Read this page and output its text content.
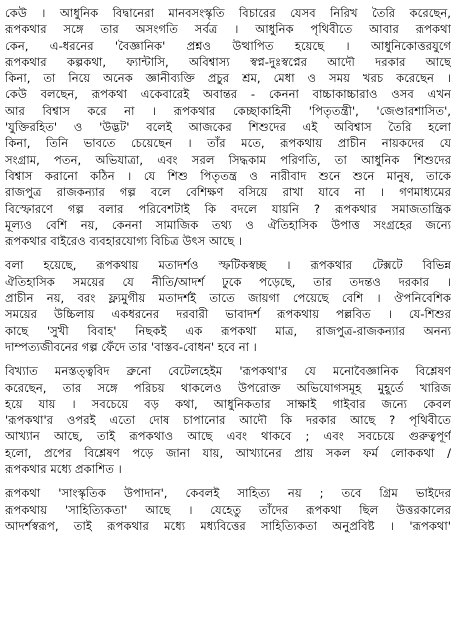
কেউ । আধুনিক বিদ্বানেরা মানবসংস্কৃতি বিচারের যেসব নিরিখ তৈরি করেছেন,
রূপকথার সঙ্গে তার অসংগতি সর্বত্র । আধুনিক পৃথিবীতে আবার রূপকথা
কেন, এ-ধরনের 'বৈজ্ঞানিক' প্রশ্নও উত্থাপিত হয়েছে । আধুনিকোত্তরযুগে
রূপকথার কল্পকথা, ফ্যান্টাসি, অবিশ্বাস্য স্বপ্ন-দুঃস্বপ্নের আদৌ দরকার আছে
কিনা, তা নিয়ে অনেক জ্ঞানীব্যক্তি প্রচুর শ্রম, মেধা ও সময় খরচ করেছেন ।
কেউ বলছেন, রূপকথা একেবারেই অবান্তর - কেননা বাচ্চাকাচ্চারাও ওসব এখন
আর বিশ্বাস করে না । রূপকথার কেচ্ছাকাহিনী 'পিতৃতন্ত্রী', 'জেণ্ডারশাসিত',
'যুক্তিরহিত' ও 'উদ্ভট' বলেই আজকের শিশুদের এই অবিশ্বাস তৈরি হলো
কিনা, তিনি ভাবতে চেয়েছেন । তাঁর মতে, রূপকথায় প্রাচীন নায়কদের যে
সংগ্রাম, পতন, অভিযাত্রা, এবং সরল সিদ্ধকাম পরিণতি, তা আধুনিক শিশুদের
বিশ্বাস করানো কঠিন । যে শিশু পিতৃতন্ত্র ও নারীবাদ শুনে শুনে মানুষ, তাকে
রাজপুত্র রাজকন্যার গল্প বলে বেশিক্ষণ বসিয়ে রাখা যাবে না । গণমাধ্যমের
বিস্ফোরণে গল্প বলার পরিবেশটাই কি বদলে যায়নি ? রূপকথার সমাজতান্ত্রিক
মূল্যও বেশি নয়, কেননা সামাজিক তথ্য ও ঐতিহাসিক উপাত্ত সংগ্রহের জন্যে
রূপকথার বাইরেও ব্যবহারযোগ্য বিচিত্র উৎস আছে ।
বলা হয়েছে, রূপকথায় মতাদর্শও স্ফটিকস্বচ্ছ । রূপকথার টেক্সটে বিভিন্ন
ঐতিহাসিক সময়ের যে নীতি/আদর্শ ঢুকে পড়েছে, তার তদন্তও দরকার ।
প্রাচীন নয়, বরং ফ্ল্যমুগীয় মতাদর্শই তাতে জায়গা পেয়েছে বেশি । ঔপনিবেশিক
সময়ের উচ্চিলায় একধরনের দরবারী ভাবাদর্শ রূপকথায় পল্লবিত । যে-শিশুর
কাছে 'সুখী বিবাহ' নিছকই এক রূপকথা মাত্র, রাজপুত্র-রাজকন্যার অনন্য
দাম্পত্যজীবনের গল্প ফেঁদে তার 'বাস্তব-বোধন' হবে না ।
বিখ্যাত মনস্তত্ত্ববিদ ব্রুনো বেটেলহেইম 'রূপকথা'র যে মনোবৈজ্ঞানিক বিশ্লেষণ
করেছেন, তার সঙ্গে পরিচয় থাকলেও উপরোক্ত অভিযোগসমূহ মুহূর্তে খারিজ
হয়ে যায় । সবচেয়ে বড় কথা, আধুনিকতার সাক্ষাই গাইবার জন্যে কেবল
'রূপকথা'র ওপরই এতো দোষ চাপানোর আদৌ কি দরকার আছে ? পৃথিবীতে
আখ্যান আছে, তাই রূপকথাও আছে এবং থাকবে ; এবং সবচেয়ে গুরুত্বপূর্ণ
হলো, প্রপের বিশ্লেষণ পড়ে জানা যায়, আখ্যানের প্রায় সকল ফর্ম লোককথা /
রূপকথার মধ্যে প্রকাশিত ।
রূপকথা 'সাংস্কৃতিক উপাদান', কেবলই সাহিত্য নয় ; তবে গ্রিম ভাইদের
রূপকথায় 'সাহিত্যিকতা' আছে । যেহেতু তাঁদের রূপকথা ছিল উত্তরকালের
আদর্শস্বরূপ, তাই রূপকথার মধ্যে মধ্যবিত্তের সাহিত্যিকতা অনুপ্রবিষ্ট । 'রূপকথা'
